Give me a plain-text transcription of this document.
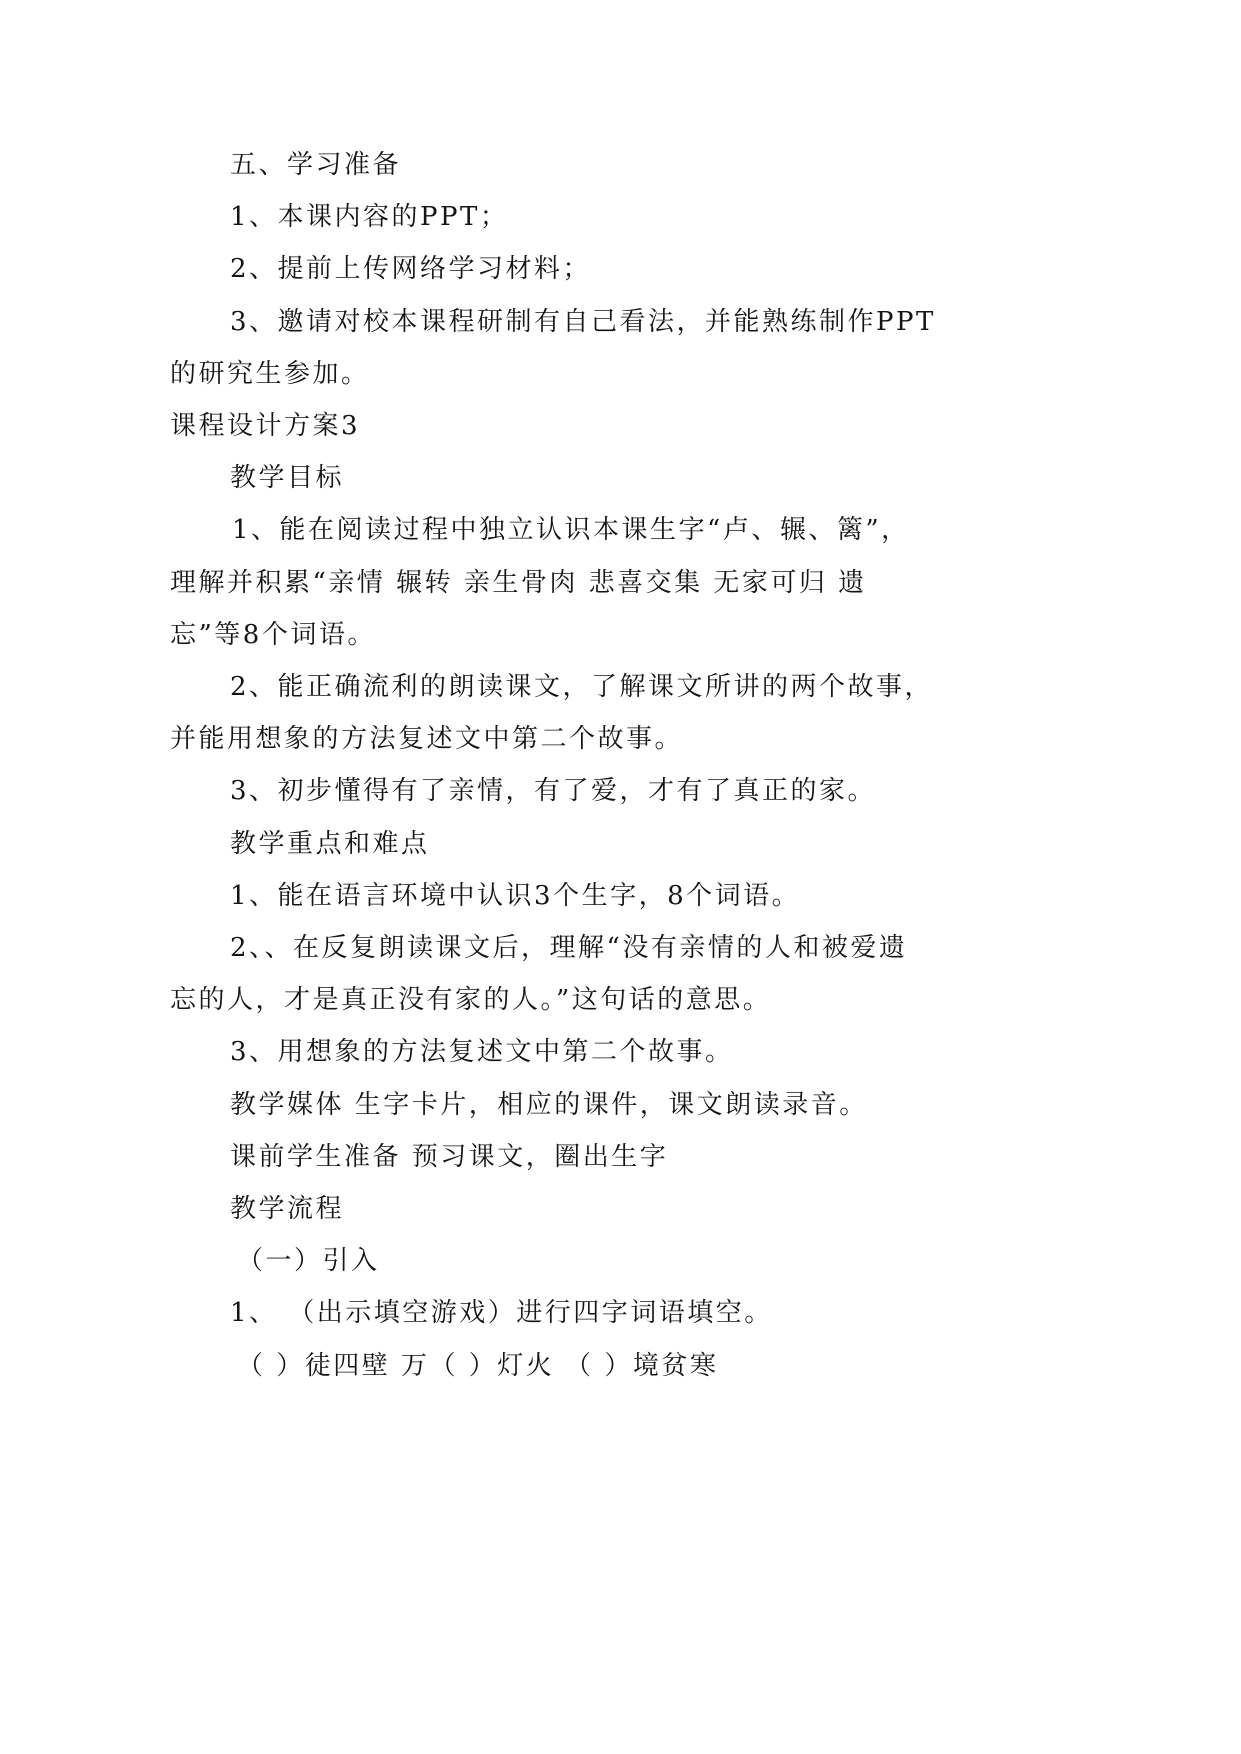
五、学习准备
1、本课内容的PPT；
2、提前上传网络学习材料；
3、邀请对校本课程研制有自己看法，并能熟练制作PPT
的研究生参加。
课程设计方案3
教学目标
1、能在阅读过程中独立认识本课生字“卢、辗、篱”，
理解并积累“亲情 辗转 亲生骨肉 悲喜交集 无家可归 遗
忘”等8个词语。
2、能正确流利的朗读课文，了解课文所讲的两个故事，
并能用想象的方法复述文中第二个故事。
3、初步懂得有了亲情，有了爱，才有了真正的家。
教学重点和难点
1、能在语言环境中认识3个生字，8个词语。
2、、在反复朗读课文后，理解“没有亲情的人和被爱遗
忘的人，才是真正没有家的人。”这句话的意思。
3、用想象的方法复述文中第二个故事。
教学媒体 生字卡片，相应的课件，课文朗读录音。
课前学生准备 预习课文，圈出生字
教学流程
（一）引入
1、 （出示填空游戏）进行四字词语填空。
（ ）徒四壁 万（ ）灯火 （ ）境贫寒
